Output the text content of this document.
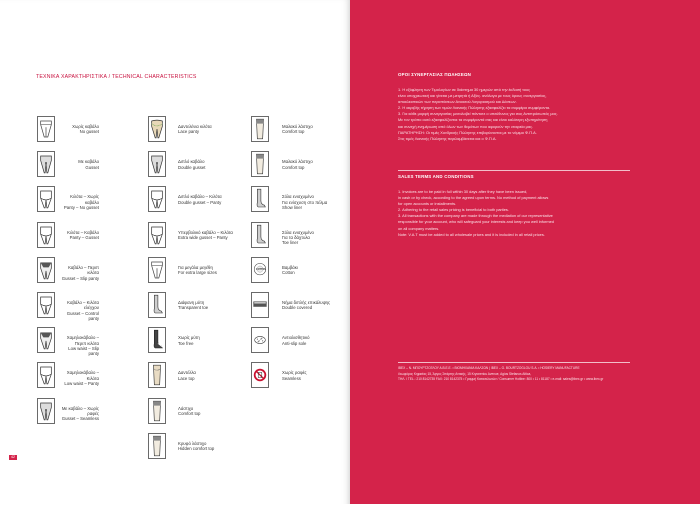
ΤΕΧΝΙΚΑ ΧΑΡΑΚΤΗΡΙΣΤΙΚΑ / TECHNICAL CHARACTERISTICS
Χωρίς καβάλο
No gusset
Με καβάλο
Gusset
Κιλότα – Χωρίς καβάλο
Panty – No gusset
Κιλότα – Καβάλο
Panty – Gusset
Καβάλο – Περιπ κιλότα
Gusset – Slip panty
Καβάλο – Κιλότα ελέγχου
Gusset – Control panty
Χαμηλοκάβαλο – Περιπ κιλότα
Low waist – Slip panty
Χαμηλοκάβαλο – Κιλότα
Low waist – Panty
Με καβάλο – Χωρίς ραφές
Gusset – Seamless
Δαντελένια κιλότα
Lace panty
Διπλό καβάλο
Double gusset
Διπλό καβάλο – Κιλότα
Double gusset – Panty
Υπερβολικό καβάλο – Κιλότα
Extra wide gusset – Panty
Για μεγάλα μεγέθη
For extra large sizes
Διάφανη μύτη
Transparent toe
Χωρίς μύτη
Toe free
Δαντέλλα
Lace top
Λάστιχο
Comfort top
Κρυφό λάστιχο
Hidden comfort top
Μαλακό λάστιχο
Comfort top
Μαλακό λάστιχο
Comfort top
Σόλα ενισχυμένο
Για ενίσχυση στο πέλμα
Show liner
Σόλα ενισχυμένο
Για τα δάχτυλα
Toe liner
COTTON	Βαμβάκι
Cotton
Νήμα διπλής επικάλυψης
Double covered
Αντιολισθητικό
Anti-slip sole
Χωρίς ραφές
Seamless
42
ΟΡΟΙ ΣΥΝΕΡΓΑΣΙΑΣ ΠΩΛΗΣΕΩΝ

1. Η εξόφληση των Τιμολογίων σε διάστημα 30 ημερών από την έκδοσή τους

είναι υποχρεωτική και γίνεται με μετρητά ή Αξίες. ανάλογα με τους όρους συνεργασίας,

αποκλειστικών των περιστάσεων Ανοικτού Λογαριασμού και Δόσεων.

2. Η ακριβής τήρηση των τιμών Λιανικής Πώλησης εξασφαλίζει τα συμφέρα συμφέροντα.

3. Για κάθε μορφή συνεργασίας μεσολαβεί πάντοτε ο υπεύθυνος για σας Αντιπρόσωπός μας.

Με τον τρόπο αυτό εξασφαλίζονται τα συμφέροντά σας και είναι καλύτερη εξυπηρέτηση

και συνεχή ενημέρωση από όλων των θεμάτων που αφορούν την εταιρεία μας.

ΠΑΡΑΤΗΡΗΣΗ: Οι τιμές Χονδρικής Πώλησης επιβαρύνονται με το νόμιμο Φ.Π.Α.

Στις τιμές Λιανικής Πώλησης περιλαμβάνεται και ο Φ.Π.Α.

SALES TERMS AND CONDITIONS

1. Invoices are to be paid in full within 30 days after they have been issued,

in cash or by check, according to the agreed upon terms. No method of payment allows

for open accounts or installments.

2. Adhering to the retail sales pricing is beneficial to both parties.

3. All transactions with the company are made through the mediation of our representative

responsible for your account, who will safeguard your interests and keep you well informed

on all company matters.

Note: V.A.T must be added to all wholesale prices and it is included in all retail prices.

IBEX – Ν. ΜΠΟΥΡΤΖΟΓΛΟΥ Α.Β.Ε.Ε. • ΒΙΟΜΗΧΑΝΙΑ ΚΑΛΣΩΝ | IBEX – G. BOURTZOGLOU S.A. • HOSIERY MANUFACTURE

Λεωφόρος Κηφισίας 15, Άργος Σπάρτης Αττικής, 15 Kryoneriou Avenue, Agios Stefanos Attica,

ΤΗΛ. / TEL.: 210 8142735 FAX: 210 8142375 • Γραμμή Καταναλωτών / Consumer Hotline: 800 • 11 • 81187 • e-mail: sales@ibex.gr • www.ibex.gr
